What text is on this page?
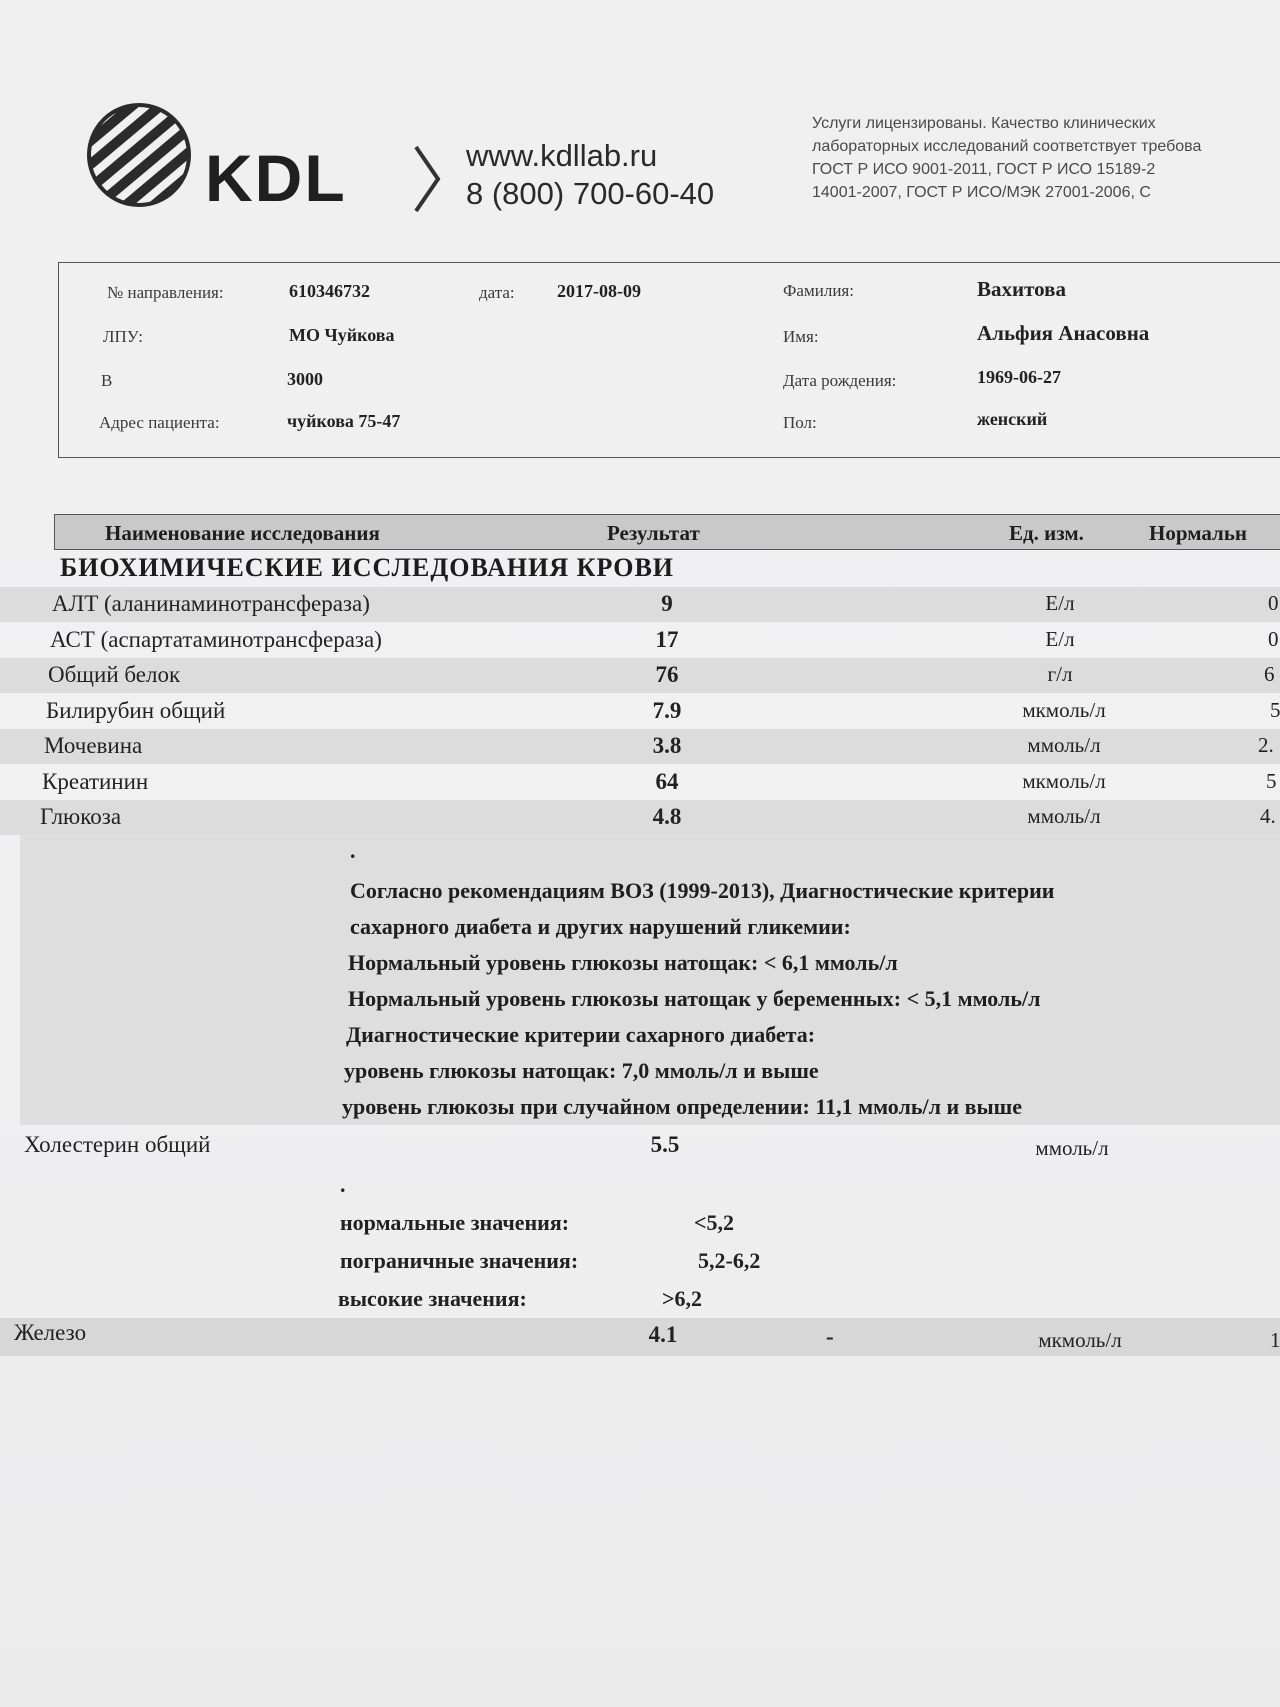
KDL	www.kdllab.ru
8 (800) 700-60-40
Услуги лицензированы. Качество клинических
лабораторных исследований соответствует требова
ГОСТ Р ИСО 9001-2011, ГОСТ Р ИСО 15189-2
14001-2007, ГОСТ Р ИСО/МЭК 27001-2006, С
№ направления:	610346732	дата: 2017-08-09
ЛПУ:	МО Чуйкова
В	3000
Адрес пациента:	чуйкова 75-47
Фамилия:	Вахитова
Имя:	Альфия Анасовна
Дата рождения:	1969-06-27
Пол:	женский
Наименование исследования	Результат	Ед. изм.	Нормальн
БИОХИМИЧЕСКИЕ ИССЛЕДОВАНИЯ КРОВИ
АЛТ (аланинаминотрансфераза)	9	Е/л	0
АСТ (аспартатаминотрансфераза)	17	Е/л	0
Общий белок	76	г/л	6
Билирубин общий	7.9	мкмоль/л	5
Мочевина	3.8	ммоль/л	2.
Креатинин	64	мкмоль/л	5
Глюкоза	4.8	ммоль/л	4.
.
Согласно рекомендациям ВОЗ (1999-2013), Диагностические критерии
сахарного диабета и других нарушений гликемии:
Нормальный уровень глюкозы натощак: < 6,1 ммоль/л
Нормальный уровень глюкозы натощак у беременных: < 5,1 ммоль/л
Диагностические критерии сахарного диабета:
уровень глюкозы натощак: 7,0 ммоль/л и выше
уровень глюкозы при случайном определении: 11,1 ммоль/л и выше
Холестерин общий	5.5	ммоль/л
.
нормальные значения:	<5,2
пограничные значения:	5,2-6,2
высокие значения:	>6,2
Железо	4.1	-	мкмоль/л	1
